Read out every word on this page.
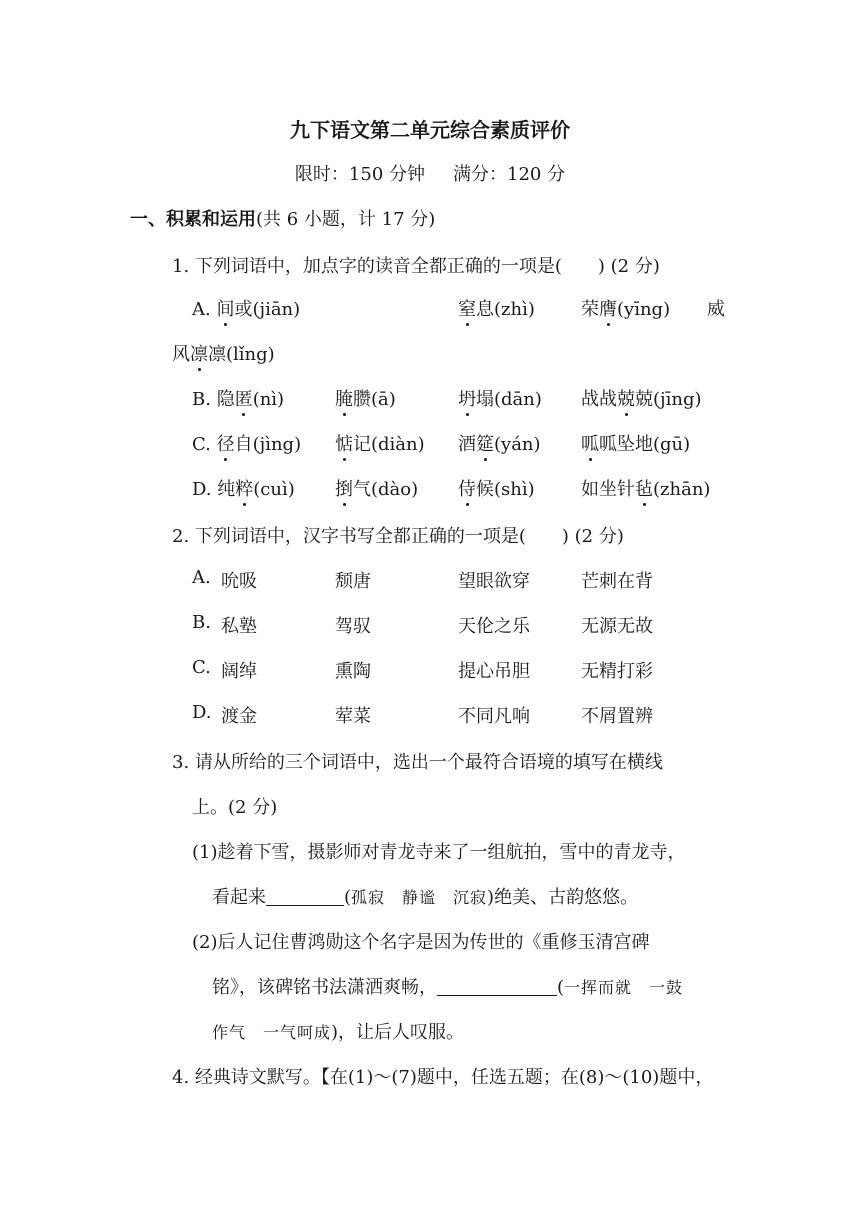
九下语文第二单元综合素质评价
限时：150 分钟 满分：120 分
一、积累和运用(共 6 小题，计 17 分)
1. 下列词语中，加点字的读音全都正确的一项是(　　) (2 分)
A. 间或(jiān)	窒息(zhì)	荣膺(yīng) 威
风凛凛(lǐng)
B. 隐匿(nì)	腌臜(ā)	坍塌(dān) 战战兢兢(jīng)
C. 径自(jìng) 惦记(diàn) 酒筵(yán) 呱呱坠地(gū)
D. 纯粹(cuì) 捯气(dào) 侍候(shì)	如坐针毡(zhān)
2. 下列词语中，汉字书写全都正确的一项是(　　) (2 分)
A. 吮吸	颓唐	望眼欲穿	芒刺在背
B. 私塾	驾驭	天伦之乐	无源无故
C. 阔绰	熏陶	提心吊胆	无精打彩
D. 渡金	荤菜	不同凡响	不屑置辨
3. 请从所给的三个词语中，选出一个最符合语境的填写在横线
上。(2 分)
(1)趁着下雪，摄影师对青龙寺来了一组航拍，雪中的青龙寺，
看起来	(孤寂　静谧　沉寂)绝美、古韵悠悠。
(2)后人记住曹鸿勋这个名字是因为传世的《重修玉清宫碑
铭》，该碑铭书法潇洒爽畅，	(一挥而就　一鼓
作气　一气呵成)，让后人叹服。
4. 经典诗文默写。【在(1)～(7)题中，任选五题；在(8)～(10)题中，
